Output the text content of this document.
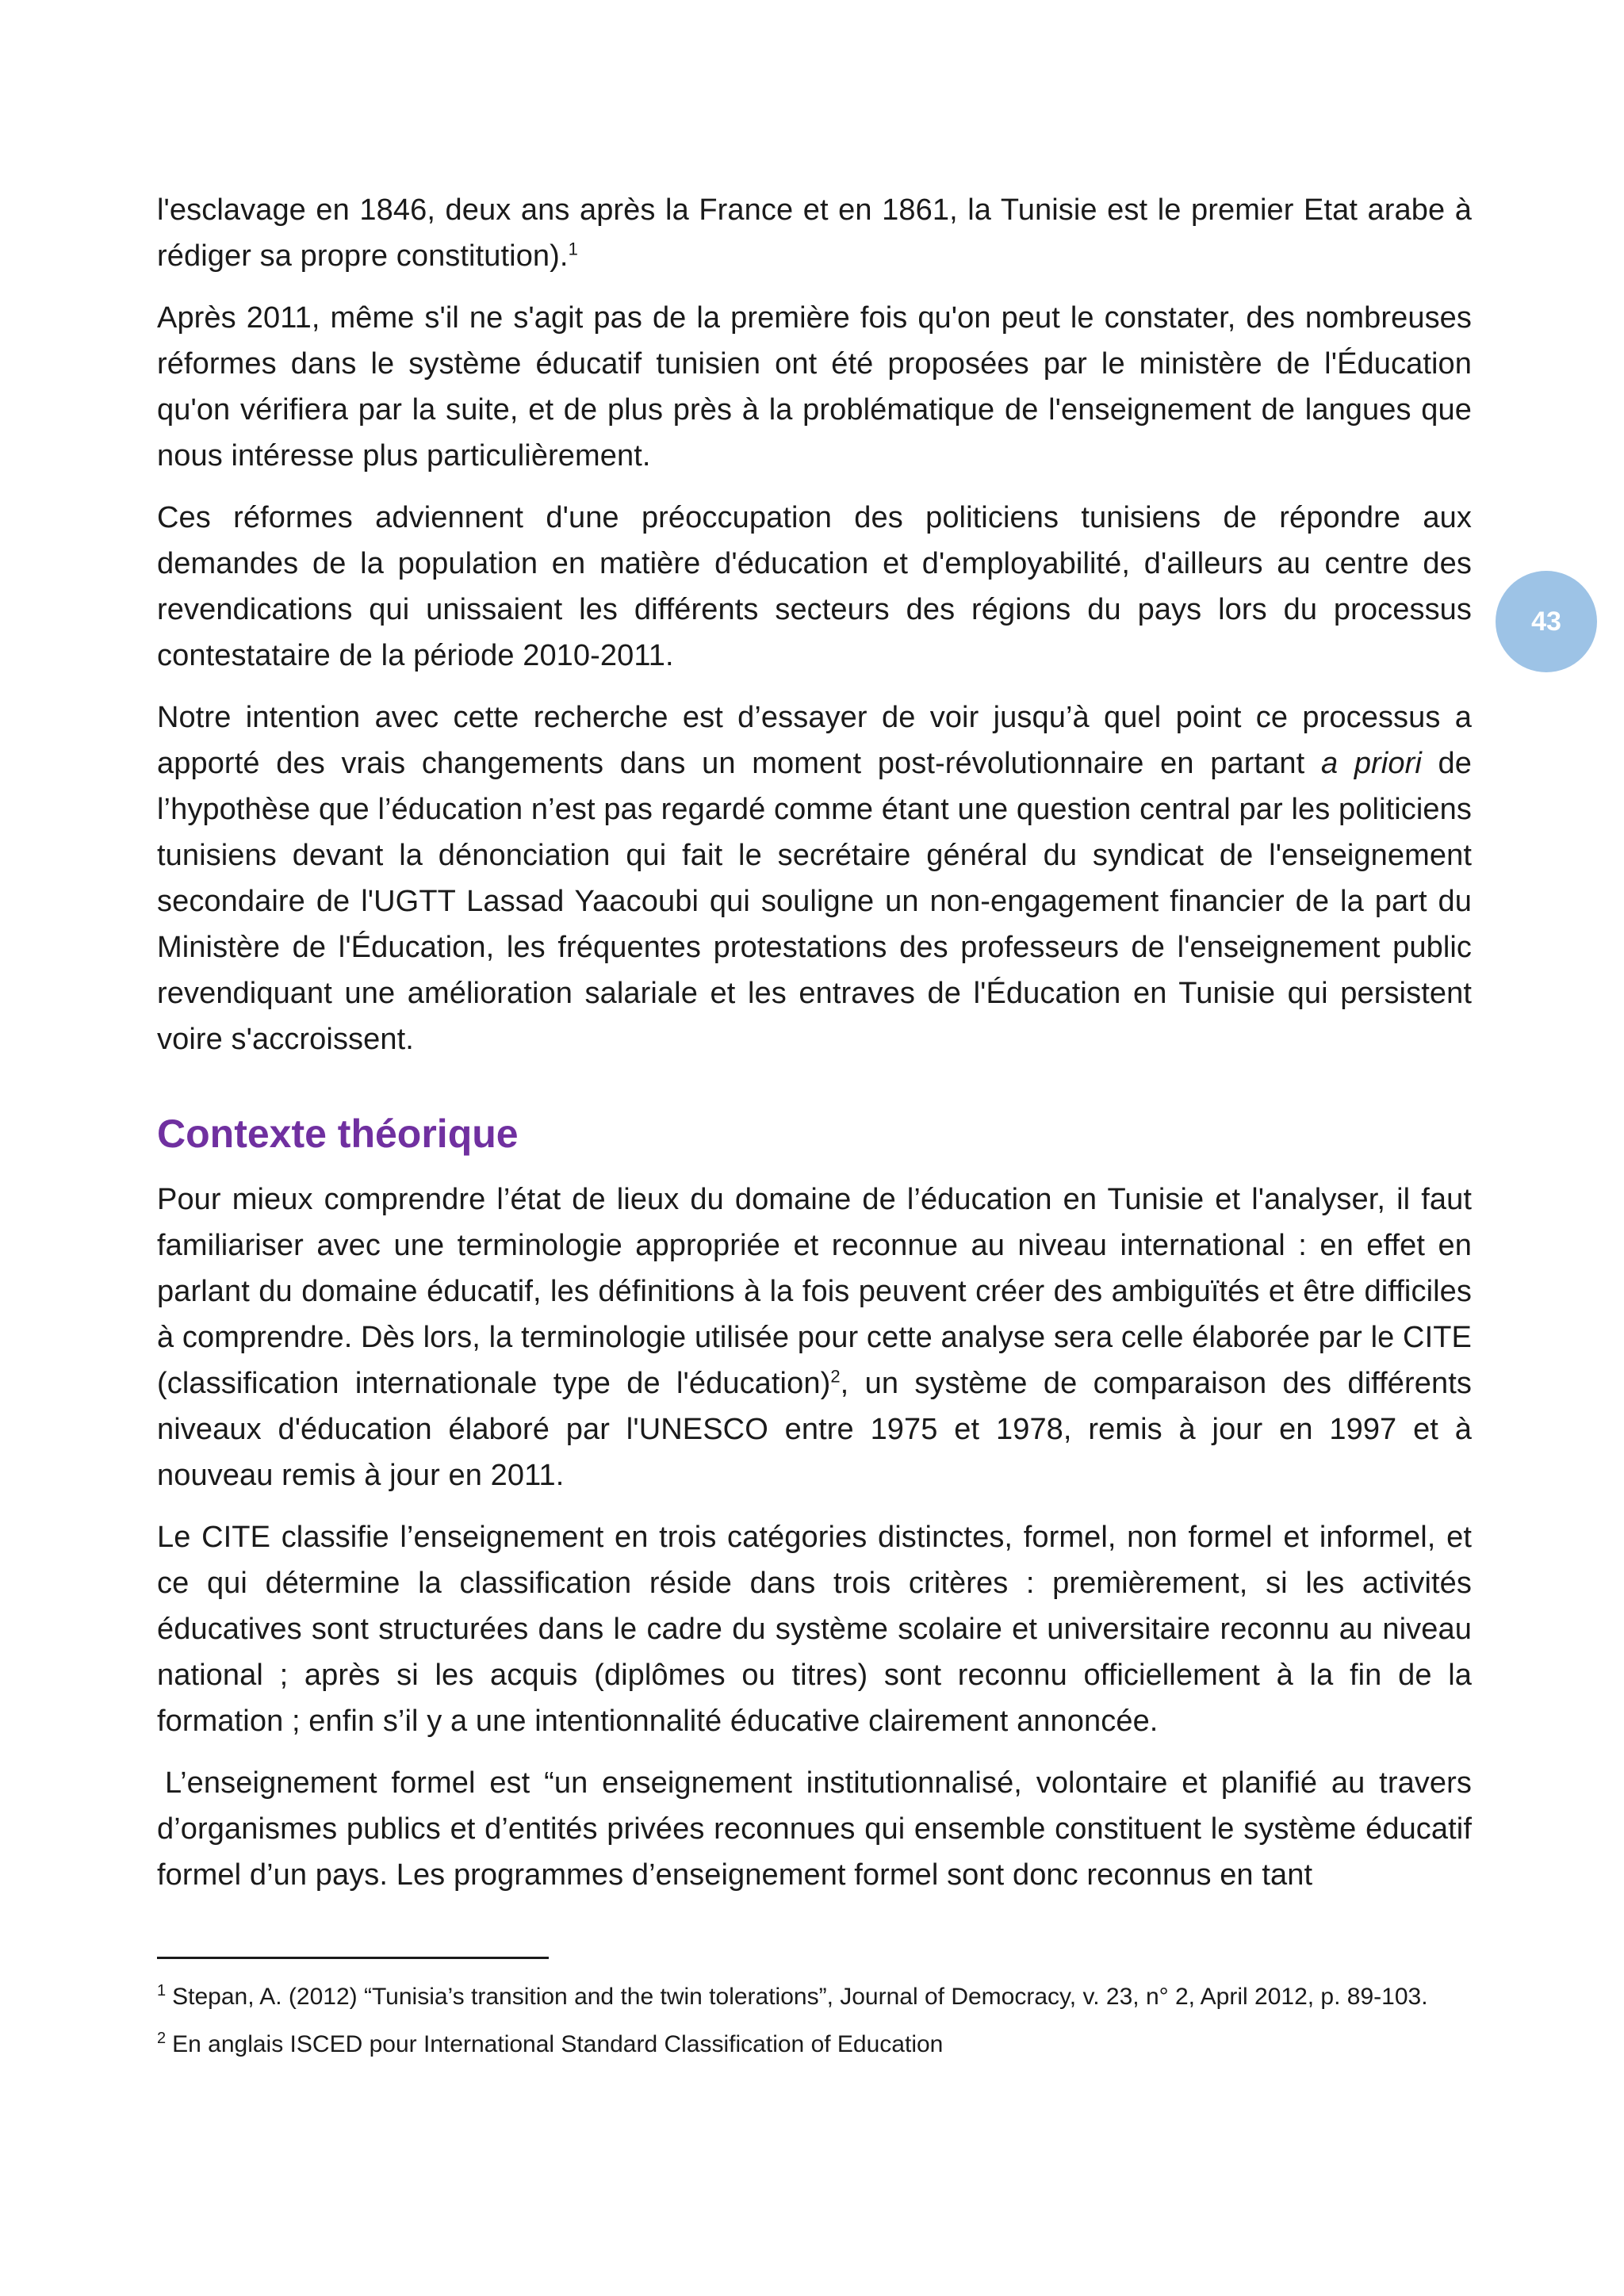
43

l'esclavage en 1846, deux ans après la France et en 1861, la Tunisie est le premier Etat arabe à rédiger sa propre constitution).$^1$

Après 2011, même s'il ne s'agit pas de la première fois qu'on peut le constater, des nombreuses réformes dans le système éducatif tunisien ont été proposées par le ministère de l'Éducation qu'on vérifiera par la suite, et de plus près à la problématique de l'enseignement de langues que nous intéresse plus particulièrement.

Ces réformes adviennent d'une préoccupation des politiciens tunisiens de répondre aux demandes de la population en matière d'éducation et d'employabilité, d'ailleurs au centre des revendications qui unissaient les différents secteurs des régions du pays lors du processus contestataire de la période 2010-2011.

Notre intention avec cette recherche est d’essayer de voir jusqu’à quel point ce processus a apporté des vrais changements dans un moment post-révolutionnaire en partant a priori de l’hypothèse que l’éducation n’est pas regardé comme étant une question central par les politiciens tunisiens devant la dénonciation qui fait le secrétaire général du syndicat de l'enseignement secondaire de l'UGTT Lassad Yaacoubi qui souligne un non-engagement financier de la part du Ministère de l'Éducation, les fréquentes protestations des professeurs de l'enseignement public revendiquant une amélioration salariale et les entraves de l'Éducation en Tunisie qui persistent voire s'accroissent.

Contexte théorique

Pour mieux comprendre l’état de lieux du domaine de l’éducation en Tunisie et l'analyser, il faut familiariser avec une terminologie appropriée et reconnue au niveau international : en effet en parlant du domaine éducatif, les définitions à la fois peuvent créer des ambiguïtés et être difficiles à comprendre. Dès lors, la terminologie utilisée pour cette analyse sera celle élaborée par le CITE (classification internationale type de l'éducation)$^2$, un système de comparaison des différents niveaux d'éducation élaboré par l'UNESCO entre 1975 et 1978, remis à jour en 1997 et à nouveau remis à jour en 2011.

Le CITE classifie l’enseignement en trois catégories distinctes, formel, non formel et informel, et ce qui détermine la classification réside dans trois critères : premièrement, si les activités éducatives sont structurées dans le cadre du système scolaire et universitaire reconnu au niveau national ; après si les acquis (diplômes ou titres) sont reconnu officiellement à la fin de la formation ; enfin s’il y a une intentionnalité éducative clairement annoncée.

L’enseignement formel est “un enseignement institutionnalisé, volontaire et planifié au travers d’organismes publics et d’entités privées reconnues qui ensemble constituent le système éducatif formel d’un pays. Les programmes d’enseignement formel sont donc reconnus en tant

$^1$ Stepan, A. (2012) “Tunisia’s transition and the twin tolerations”, Journal of Democracy, v. 23, n° 2, April 2012, p. 89-103.

$^2$ En anglais ISCED pour International Standard Classification of Education
